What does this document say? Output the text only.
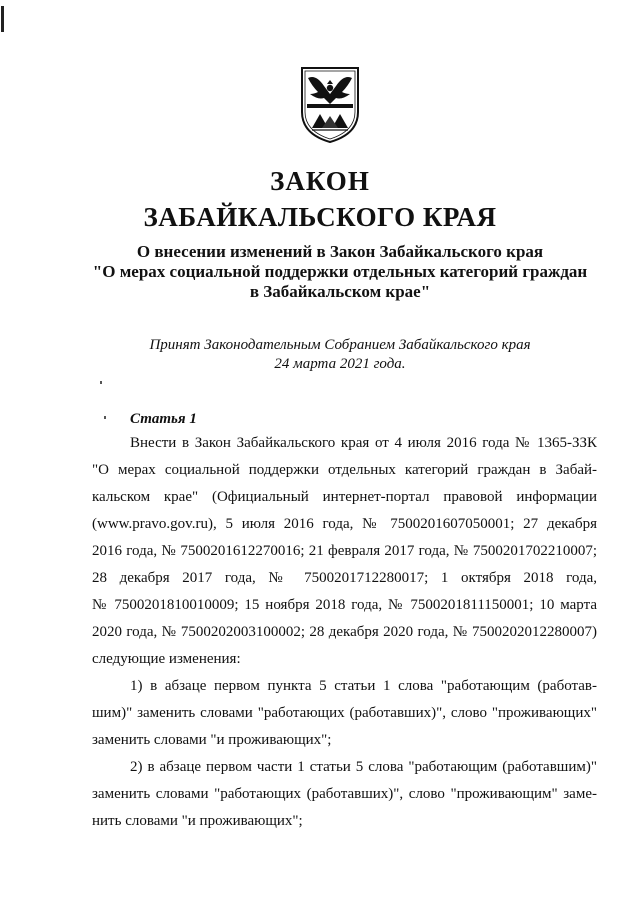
ЗАКОН
ЗАБАЙКАЛЬСКОГО КРАЯ
О внесении изменений в Закон Забайкальского края
"О мерах социальной поддержки отдельных категорий граждан
в Забайкальском крае"
Принят Законодательным Собранием Забайкальского края
24 марта 2021 года.
Статья 1
Внести в Закон Забайкальского края от 4 июля 2016 года № 1365-ЗЗК
"О мерах социальной поддержки отдельных категорий граждан в Забай-
кальском крае" (Официальный интернет-портал правовой информации
(www.pravo.gov.ru), 5 июля 2016 года, № 7500201607050001; 27 декабря
2016 года, № 7500201612270016; 21 февраля 2017 года, № 7500201702210007;
28 декабря 2017 года, № 7500201712280017; 1 октября 2018 года,
№ 7500201810010009; 15 ноября 2018 года, № 7500201811150001; 10 марта
2020 года, № 7500202003100002; 28 декабря 2020 года, № 7500202012280007)
следующие изменения:
1) в абзаце первом пункта 5 статьи 1 слова "работающим (работав-
шим)" заменить словами "работающих (работавших)", слово "проживающих"
заменить словами "и проживающих";
2) в абзаце первом части 1 статьи 5 слова "работающим (работавшим)"
заменить словами "работающих (работавших)", слово "проживающим" заме-
нить словами "и проживающих";
